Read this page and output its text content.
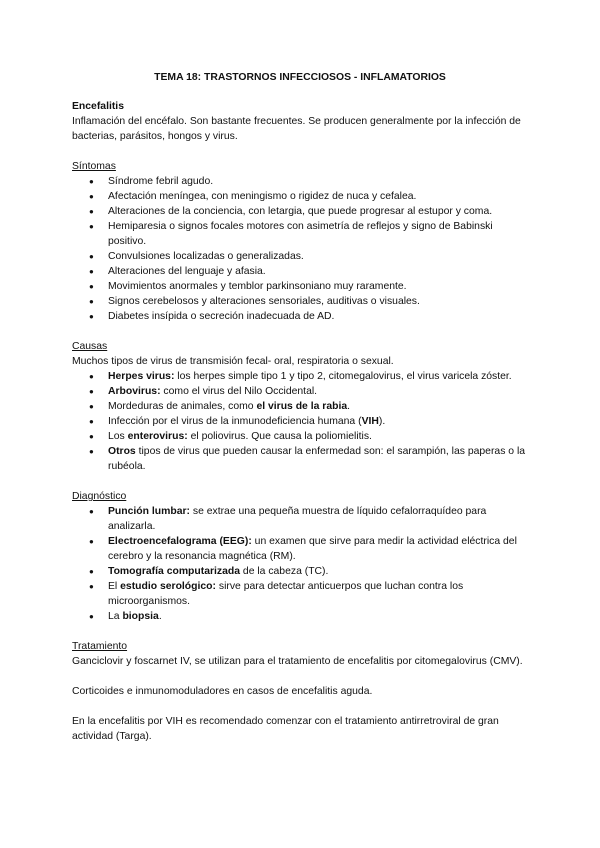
TEMA 18: TRASTORNOS INFECCIOSOS - INFLAMATORIOS
Encefalitis

Inflamación del encéfalo. Son bastante frecuentes. Se producen generalmente por la infección de bacterias, parásitos, hongos y virus.

Síntomas
● Síndrome febril agudo.
● Afectación meníngea, con meningismo o rigidez de nuca y cefalea.
● Alteraciones de la conciencia, con letargia, que puede progresar al estupor y coma.
● Hemiparesia o signos focales motores con asimetría de reflejos y signo de Babinski positivo.
● Convulsiones localizadas o generalizadas.
● Alteraciones del lenguaje y afasia.
● Movimientos anormales y temblor parkinsoniano muy raramente.
● Signos cerebelosos y alteraciones sensoriales, auditivas o visuales.
● Diabetes insípida o secreción inadecuada de AD.
Causas

Muchos tipos de virus de transmisión fecal- oral, respiratoria o sexual.

● Herpes virus: los herpes simple tipo 1 y tipo 2, citomegalovirus, el virus varicela zóster.
● Arbovirus: como el virus del Nilo Occidental.
● Mordeduras de animales, como el virus de la rabia.
● Infección por el virus de la inmunodeficiencia humana (VIH).
● Los enterovirus: el poliovirus. Que causa la poliomielitis.
● Otros tipos de virus que pueden causar la enfermedad son: el sarampión, las paperas o la rubéola.
Diagnóstico
● Punción lumbar: se extrae una pequeña muestra de líquido cefalorraquídeo para analizarla.
● Electroencefalograma (EEG): un examen que sirve para medir la actividad eléctrica del cerebro y la resonancia magnética (RM).
● Tomografía computarizada de la cabeza (TC).
● El estudio serológico: sirve para detectar anticuerpos que luchan contra los microorganismos.
● La biopsia.
Tratamiento

Ganciclovir y foscarnet IV, se utilizan para el tratamiento de encefalitis por citomegalovirus (CMV).

Corticoides e inmunomoduladores en casos de encefalitis aguda.

En la encefalitis por VIH es recomendado comenzar con el tratamiento antirretroviral de gran actividad (Targa).
